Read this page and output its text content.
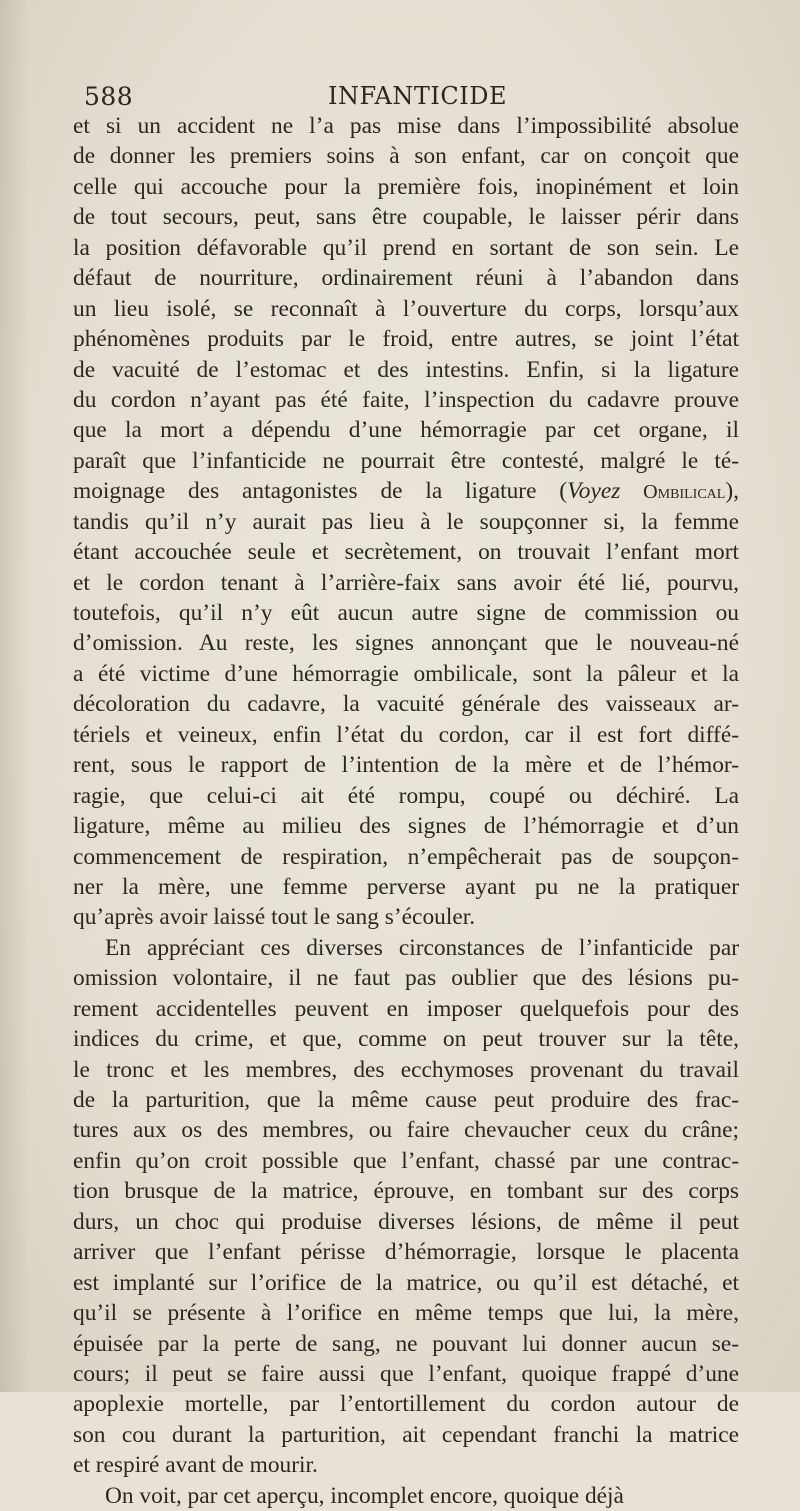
588	INFANTICIDE
et si un accident ne l’a pas mise dans l’impossibilité absolue
de donner les premiers soins à son enfant, car on conçoit que
celle qui accouche pour la première fois, inopinément et loin
de tout secours, peut, sans être coupable, le laisser périr dans
la position défavorable qu’il prend en sortant de son sein. Le
défaut de nourriture, ordinairement réuni à l’abandon dans
un lieu isolé, se reconnaît à l’ouverture du corps, lorsqu’aux
phénomènes produits par le froid, entre autres, se joint l’état
de vacuité de l’estomac et des intestins. Enfin, si la ligature
du cordon n’ayant pas été faite, l’inspection du cadavre prouve
que la mort a dépendu d’une hémorragie par cet organe, il
paraît que l’infanticide ne pourrait être contesté, malgré le té-
moignage des antagonistes de la ligature (Voyez Ombilical),
tandis qu’il n’y aurait pas lieu à le soupçonner si, la femme
étant accouchée seule et secrètement, on trouvait l’enfant mort
et le cordon tenant à l’arrière-faix sans avoir été lié, pourvu,
toutefois, qu’il n’y eût aucun autre signe de commission ou
d’omission. Au reste, les signes annonçant que le nouveau-né
a été victime d’une hémorragie ombilicale, sont la pâleur et la
décoloration du cadavre, la vacuité générale des vaisseaux ar-
tériels et veineux, enfin l’état du cordon, car il est fort diffé-
rent, sous le rapport de l’intention de la mère et de l’hémor-
ragie, que celui-ci ait été rompu, coupé ou déchiré. La
ligature, même au milieu des signes de l’hémorragie et d’un
commencement de respiration, n’empêcherait pas de soupçon-
ner la mère, une femme perverse ayant pu ne la pratiquer
qu’après avoir laissé tout le sang s’écouler.
En appréciant ces diverses circonstances de l’infanticide par
omission volontaire, il ne faut pas oublier que des lésions pu-
rement accidentelles peuvent en imposer quelquefois pour des
indices du crime, et que, comme on peut trouver sur la tête,
le tronc et les membres, des ecchymoses provenant du travail
de la parturition, que la même cause peut produire des frac-
tures aux os des membres, ou faire chevaucher ceux du crâne;
enfin qu’on croit possible que l’enfant, chassé par une contrac-
tion brusque de la matrice, éprouve, en tombant sur des corps
durs, un choc qui produise diverses lésions, de même il peut
arriver que l’enfant périsse d’hémorragie, lorsque le placenta
est implanté sur l’orifice de la matrice, ou qu’il est détaché, et
qu’il se présente à l’orifice en même temps que lui, la mère,
épuisée par la perte de sang, ne pouvant lui donner aucun se-
cours; il peut se faire aussi que l’enfant, quoique frappé d’une
apoplexie mortelle, par l’entortillement du cordon autour de
son cou durant la parturition, ait cependant franchi la matrice
et respiré avant de mourir.
On voit, par cet aperçu, incomplet encore, quoique déjà
